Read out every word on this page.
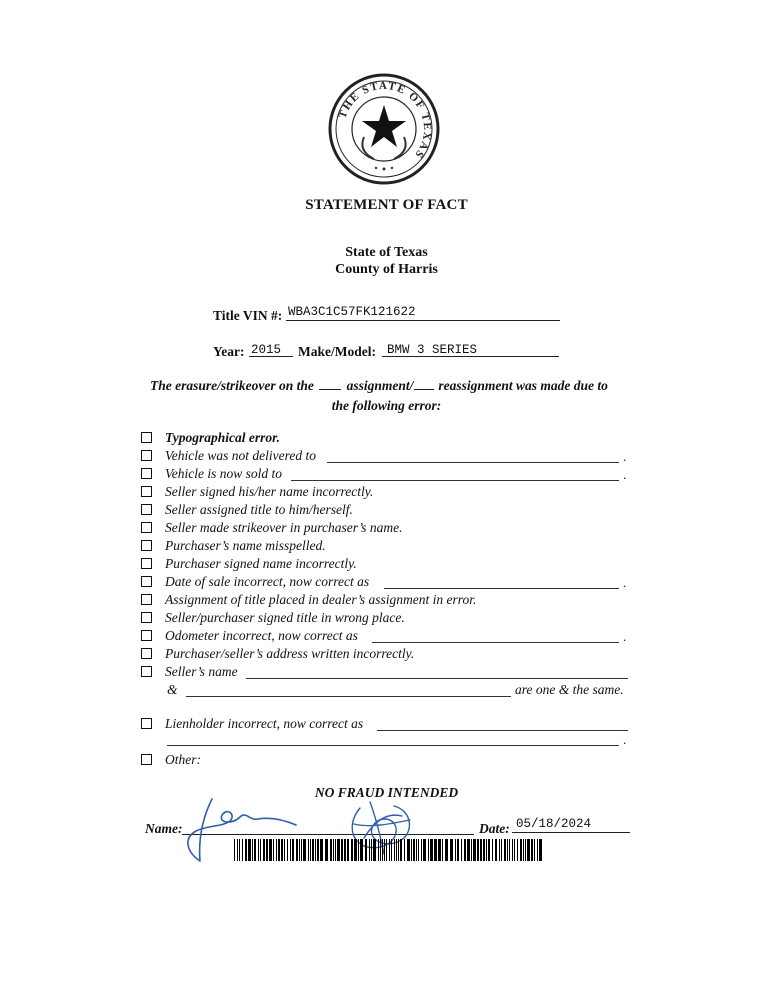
THE STATE OF TEXAS
STATEMENT OF FACT
State of Texas
County of Harris
Title VIN #: WBA3C1C57FK121622
Year: 2015 Make/Model: BMW 3 SERIES
The erasure/strikeover on the assignment/ reassignment was made due to
the following error:
Typographical error.
Vehicle was not delivered to	.
Vehicle is now sold to	.
Seller signed his/her name incorrectly.
Seller assigned title to him/herself.
Seller made strikeover in purchaser’s name.
Purchaser’s name misspelled.
Purchaser signed name incorrectly.
Date of sale incorrect, now correct as	.
Assignment of title placed in dealer’s assignment in error.
Seller/purchaser signed title in wrong place.
Odometer incorrect, now correct as	.
Purchaser/seller’s address written incorrectly.
Seller’s name
&	are one & the same.
Lienholder incorrect, now correct as
.
Other:
NO FRAUD INTENDED
Name:	Date: 05/18/2024
